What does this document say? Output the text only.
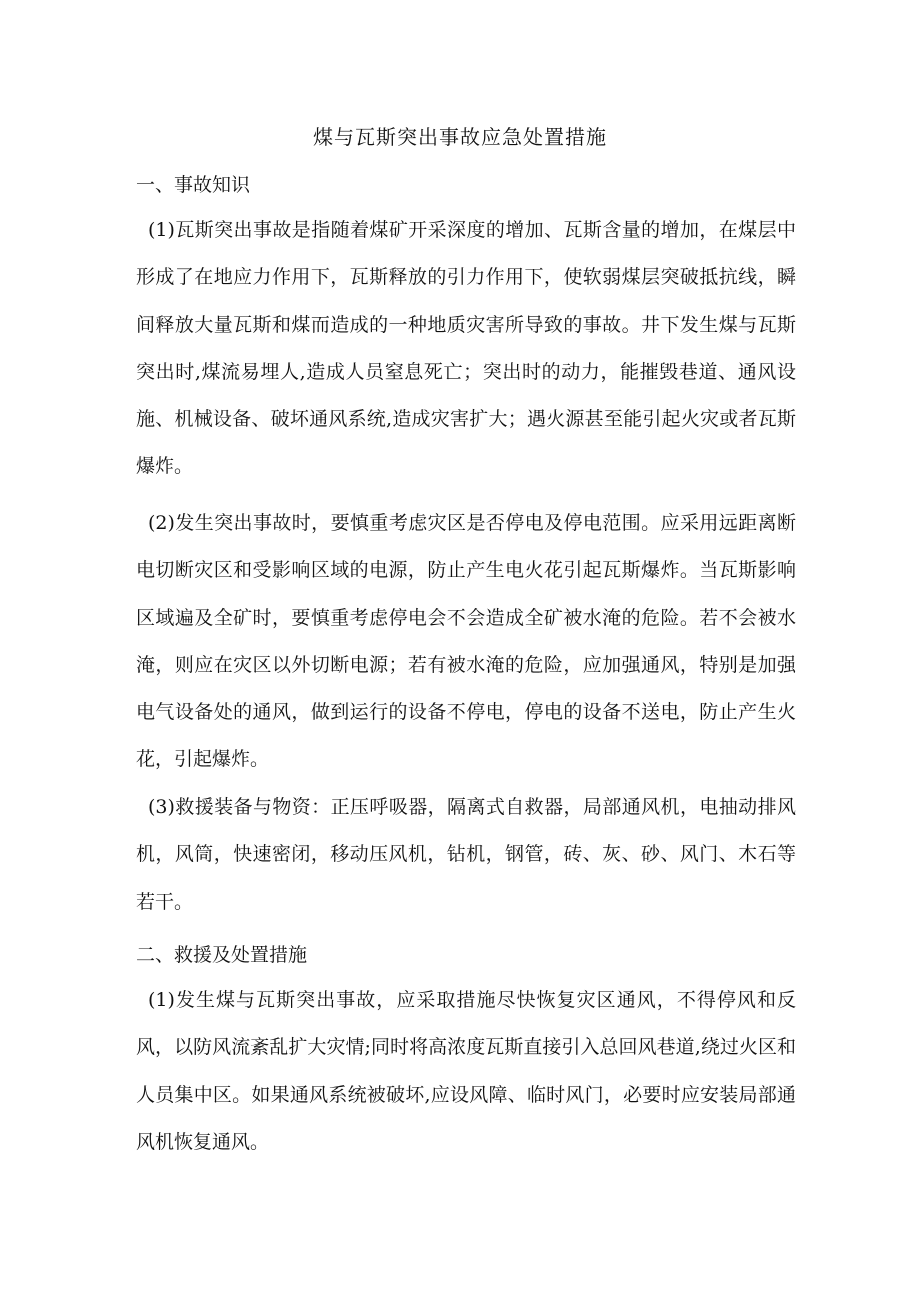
煤与瓦斯突出事故应急处置措施
一、事故知识

(1)瓦斯突出事故是指随着煤矿开采深度的增加、瓦斯含量的增加，在煤层中形成了在地应力作用下，瓦斯释放的引力作用下，使软弱煤层突破抵抗线，瞬间释放大量瓦斯和煤而造成的一种地质灾害所导致的事故。井下发生煤与瓦斯突出时,煤流易埋人,造成人员窒息死亡；突出时的动力，能摧毁巷道、通风设施、机械设备、破坏通风系统,造成灾害扩大；遇火源甚至能引起火灾或者瓦斯爆炸。

(2)发生突出事故时，要慎重考虑灾区是否停电及停电范围。应采用远距离断电切断灾区和受影响区域的电源，防止产生电火花引起瓦斯爆炸。当瓦斯影响区域遍及全矿时，要慎重考虑停电会不会造成全矿被水淹的危险。若不会被水淹，则应在灾区以外切断电源；若有被水淹的危险，应加强通风，特别是加强电气设备处的通风，做到运行的设备不停电，停电的设备不送电，防止产生火花，引起爆炸。

(3)救援装备与物资：正压呼吸器，隔离式自救器，局部通风机，电抽动排风机，风筒，快速密闭，移动压风机，钻机，钢管，砖、灰、砂、风门、木石等若干。

二、救援及处置措施

(1)发生煤与瓦斯突出事故，应采取措施尽快恢复灾区通风，不得停风和反风，以防风流紊乱扩大灾情;同时将高浓度瓦斯直接引入总回风巷道,绕过火区和人员集中区。如果通风系统被破坏,应设风障、临时风门，必要时应安装局部通风机恢复通风。
